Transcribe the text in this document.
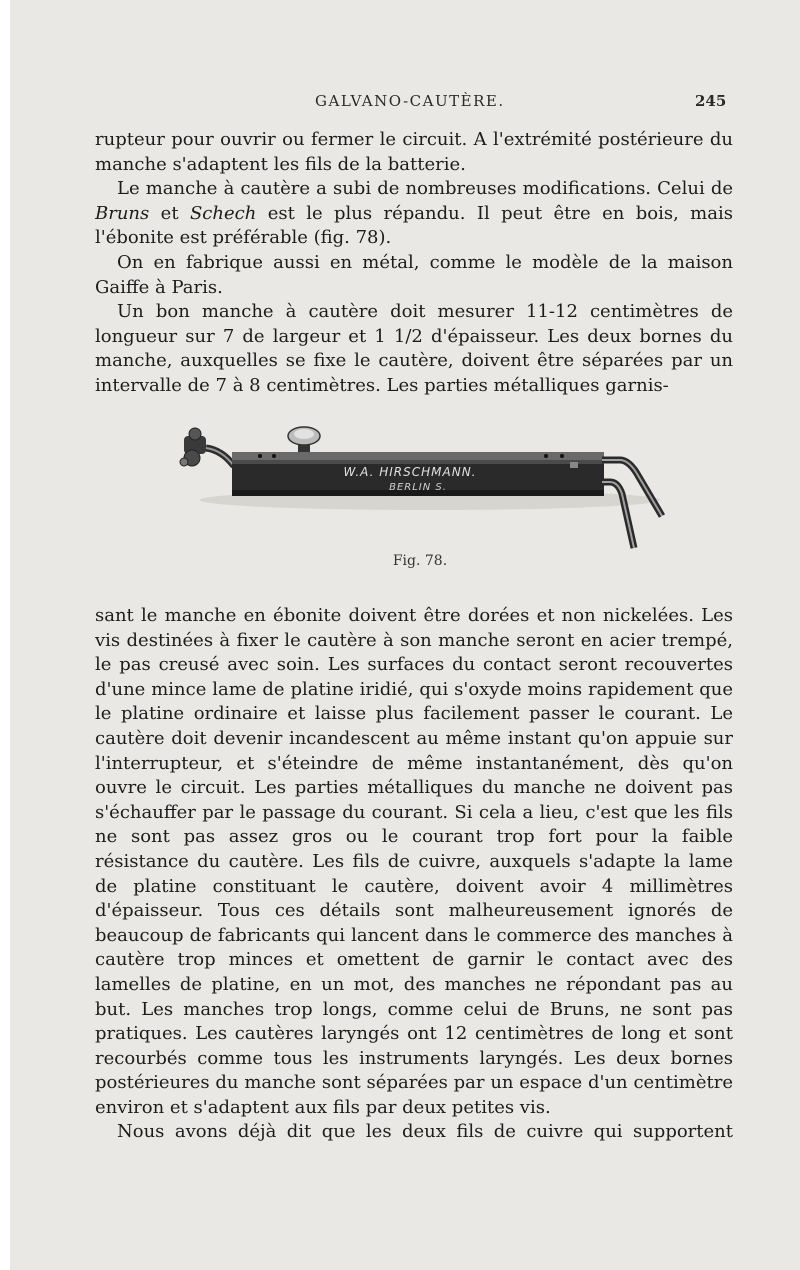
GALVANO-CAUTÈRE.	245

rupteur pour ouvrir ou fermer le circuit. A l'extrémité postérieure du manche s'adaptent les fils de la batterie.

Le manche à cautère a subi de nombreuses modifications. Celui de Bruns et Schech est le plus répandu. Il peut être en bois, mais l'ébonite est préférable (fig. 78).

On en fabrique aussi en métal, comme le modèle de la maison Gaiffe à Paris.

Un bon manche à cautère doit mesurer 11-12 centimètres de longueur sur 7 de largeur et 1 1/2 d'épaisseur. Les deux bornes du manche, auxquelles se fixe le cautère, doivent être séparées par un intervalle de 7 à 8 centimètres. Les parties métalliques garnis-

W.A. HIRSCHMANN.
BERLIN S.
Fig. 78.

sant le manche en ébonite doivent être dorées et non nickelées. Les vis destinées à fixer le cautère à son manche seront en acier trempé, le pas creusé avec soin. Les surfaces du contact seront recouvertes d'une mince lame de platine iridié, qui s'oxyde moins rapidement que le platine ordinaire et laisse plus facilement passer le courant. Le cautère doit devenir incandescent au même instant qu'on appuie sur l'interrupteur, et s'éteindre de même instantanément, dès qu'on ouvre le circuit. Les parties métalliques du manche ne doivent pas s'échauffer par le passage du courant. Si cela a lieu, c'est que les fils ne sont pas assez gros ou le courant trop fort pour la faible résistance du cautère. Les fils de cuivre, auxquels s'adapte la lame de platine constituant le cautère, doivent avoir 4 millimètres d'épaisseur. Tous ces détails sont malheureusement ignorés de beaucoup de fabricants qui lancent dans le commerce des manches à cautère trop minces et omettent de garnir le contact avec des lamelles de platine, en un mot, des manches ne répondant pas au but. Les manches trop longs, comme celui de Bruns, ne sont pas pratiques. Les cautères laryngés ont 12 centimètres de long et sont recourbés comme tous les instruments laryngés. Les deux bornes postérieures du manche sont séparées par un espace d'un centimètre environ et s'adaptent aux fils par deux petites vis.

Nous avons déjà dit que les deux fils de cuivre qui supportent
